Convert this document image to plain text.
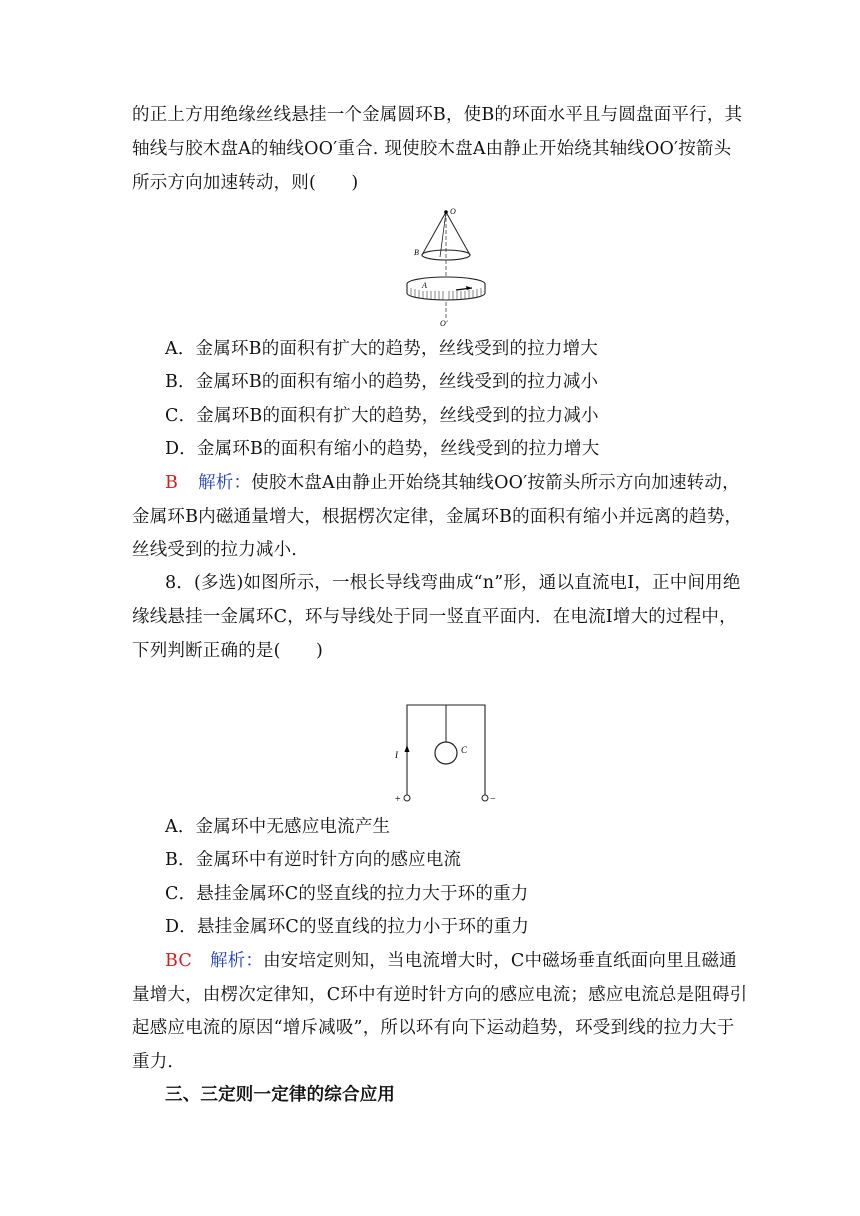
的正上方用绝缘丝线悬挂一个金属圆环B，使B的环面水平且与圆盘面平行，其
轴线与胶木盘A的轴线OO′重合. 现使胶木盘A由静止开始绕其轴线OO′按箭头
所示方向加速转动，则(　　)
O
B
A
O′
A．金属环B的面积有扩大的趋势，丝线受到的拉力增大
B．金属环B的面积有缩小的趋势，丝线受到的拉力减小
C．金属环B的面积有扩大的趋势，丝线受到的拉力减小
D．金属环B的面积有缩小的趋势，丝线受到的拉力增大
B 解析：使胶木盘A由静止开始绕其轴线OO′按箭头所示方向加速转动，
金属环B内磁通量增大，根据楞次定律，金属环B的面积有缩小并远离的趋势，
丝线受到的拉力减小.
8．(多选)如图所示，一根长导线弯曲成“n”形，通以直流电I，正中间用绝
缘线悬挂一金属环C，环与导线处于同一竖直平面内．在电流I增大的过程中，
下列判断正确的是(　　)
I	C
+	−
A．金属环中无感应电流产生
B．金属环中有逆时针方向的感应电流
C．悬挂金属环C的竖直线的拉力大于环的重力
D．悬挂金属环C的竖直线的拉力小于环的重力
BC 解析：由安培定则知，当电流增大时，C中磁场垂直纸面向里且磁通
量增大，由楞次定律知，C环中有逆时针方向的感应电流；感应电流总是阻碍引
起感应电流的原因“增斥减吸”，所以环有向下运动趋势，环受到线的拉力大于
重力．
三、三定则一定律的综合应用
